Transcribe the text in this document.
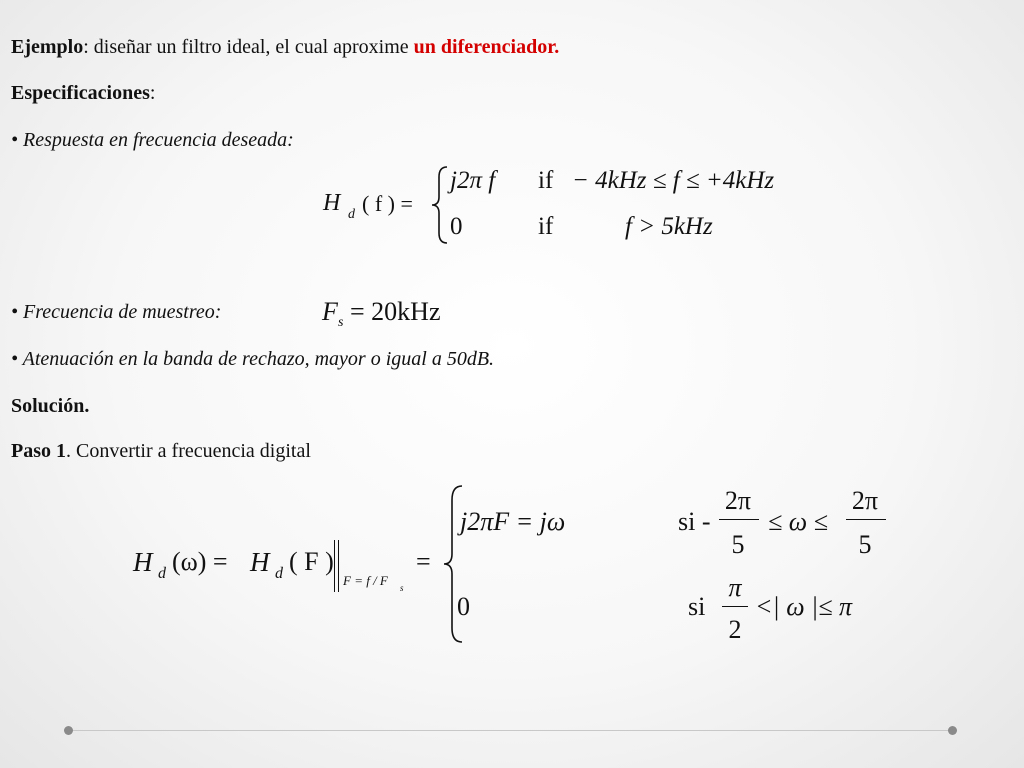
Ejemplo: diseñar un filtro ideal, el cual aproxime un diferenciador.
Especificaciones:
• Respuesta en frecuencia deseada:
H d ( f ) =
j2π f if − 4kHz ≤ f ≤ +4kHz
0	if	f > 5kHz
• Frecuencia de muestreo:	F s = 20kHz
• Atenuación en la banda de rechazo, mayor o igual a 50dB.
Solución.
Paso 1. Convertir a frecuencia digital
H d (ω) = H d ( F )
F = f / F s
=
j2πF = jω	si -
2π
5
≤ ω ≤
2π
5
0	si
π
2
<| ω |≤ π
